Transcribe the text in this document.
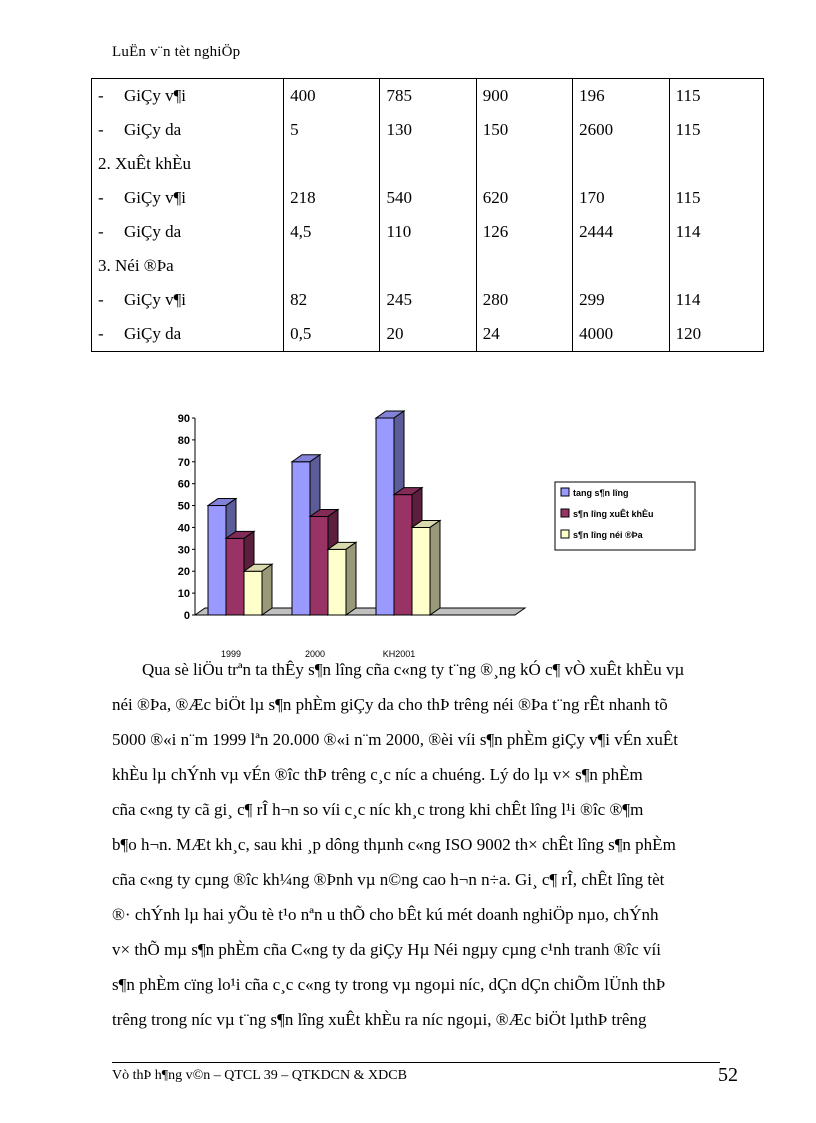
LuËn v¨n tèt nghiÖp
- GiÇy v¶i	400	785	900	196	115
- GiÇy da	5	130	150	2600	115
2. XuÊt khÈu					
- GiÇy v¶i	218	540	620	170	115
- GiÇy da	4,5	110	126	2444	114
3. Néi ®Þa					
- GiÇy v¶i	82	245	280	299	114
- GiÇy da	0,5	20	24	4000	120
0
10
20
30
40
50
60
70
80
90
1999	2000	KH2001
tang s¶n lîng
s¶n lîng xuÊt khÈu
s¶n lîng néi ®Þa

Qua sè liÖu trªn ta thÊy s¶n lîng cña c«ng ty t¨ng ®¸ng kÓ c¶ vÒ xuÊt khÈu vµ
néi ®Þa, ®Æc biÖt lµ s¶n phÈm giÇy da cho thÞ trêng néi ®Þa t¨ng rÊt nhanh tõ
5000 ®«i n¨m 1999 lªn 20.000 ®«i n¨m 2000, ®èi víi s¶n phÈm giÇy v¶i vÉn xuÊt
khÈu lµ chÝnh vµ vÉn ®îc thÞ trêng c¸c níc a chuéng. Lý do lµ v× s¶n phÈm
cña c«ng ty cã gi¸ c¶ rÎ h¬n so víi c¸c níc kh¸c trong khi chÊt lîng l¹i ®îc ®¶m
b¶o h¬n. MÆt kh¸c, sau khi ¸p dông thµnh c«ng ISO 9002 th× chÊt lîng s¶n phÈm
cña c«ng ty cµng ®îc kh¼ng ®Þnh vµ n©ng cao h¬n n÷a. Gi¸ c¶ rÎ, chÊt lîng tèt
®· chÝnh lµ hai yÕu tè t¹o nªn u thÕ cho bÊt kú mét doanh nghiÖp nµo, chÝnh
v× thÕ mµ s¶n phÈm cña C«ng ty da giÇy Hµ Néi ngµy cµng c¹nh tranh ®îc víi
s¶n phÈm cïng lo¹i cña c¸c c«ng ty trong vµ ngoµi níc, dÇn dÇn chiÕm lÜnh thÞ
trêng trong níc vµ t¨ng s¶n lîng xuÊt khÈu ra níc ngoµi, ®Æc biÖt lµthÞ trêng

Vò thÞ h¶ng v©n – QTCL 39 – QTKDCN & XDCB	52
